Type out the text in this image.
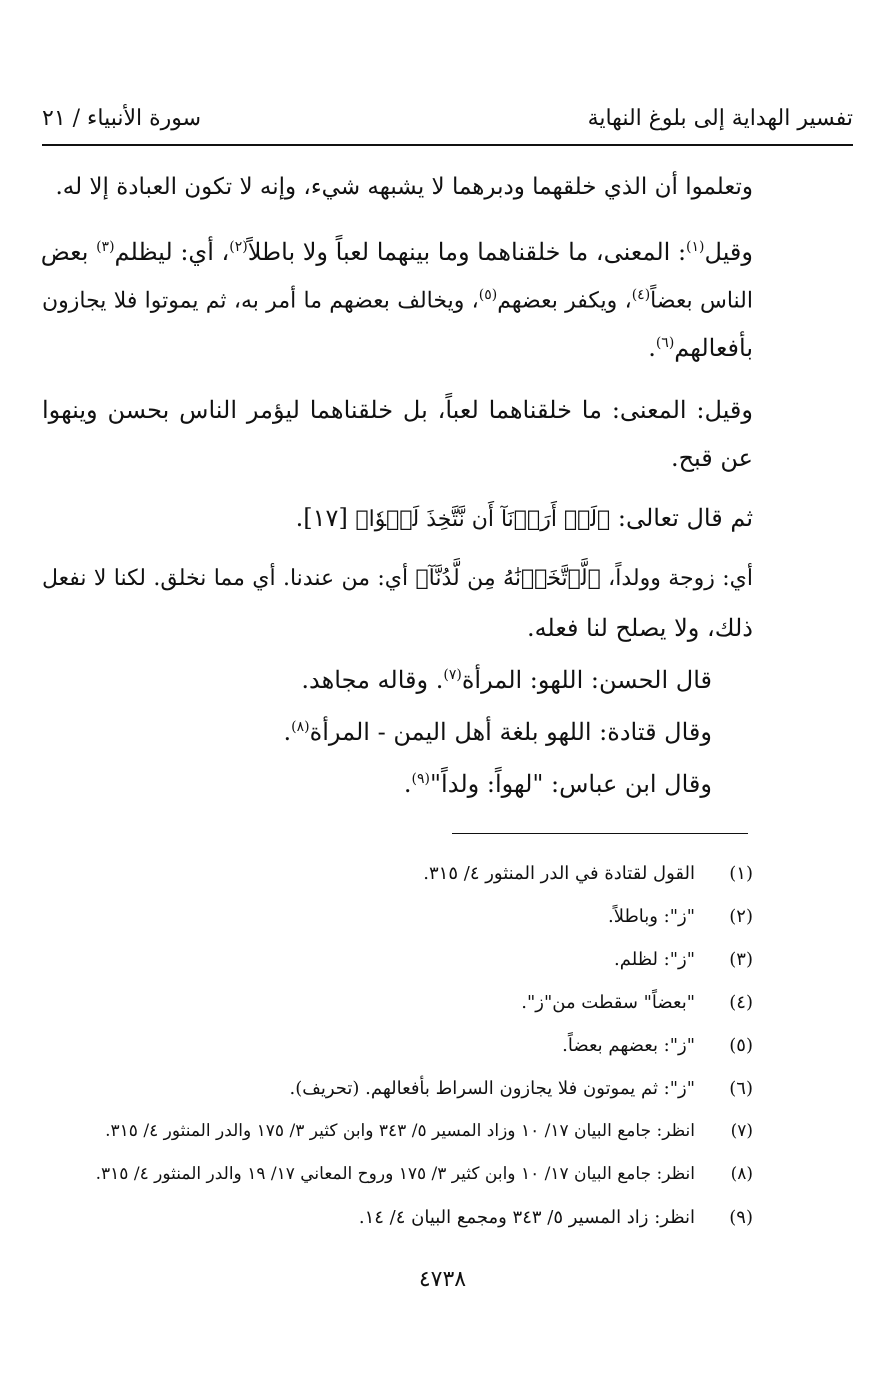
تفسير الهداية إلى بلوغ النهاية
سورة الأنبياء / ٢١
وتعلموا أن الذي خلقهما ودبرهما لا يشبهه شيء، وإنه لا تكون العبادة إلا له.
وقيل$^{(١)}$: المعنى، ما خلقناهما وما بينهما لعباً ولا باطلاً$^{(٢)}$، أي: ليظلم$^{(٣)}$ بعض
الناس بعضاً$^{(٤)}$، ويكفر بعضهم$^{(٥)}$، ويخالف بعضهم ما أمر به، ثم يموتوا فلا يجازون
بأفعالهم$^{(٦)}$.
وقيل: المعنى: ما خلقناهما لعباً، بل خلقناهما ليؤمر الناس بحسن وينهوا
عن قبح.
ثم قال تعالى: ﴿لَوۡ أَرَدۡنَآ أَن نَّتَّخِذَ لَهۡوٗا﴾ [١٧].
أي: زوجة وولداً، ﴿لَّٱتَّخَذۡنَٰهُ مِن لَّدُنَّآ﴾ أي: من عندنا. أي مما نخلق. لكنا لا نفعل
ذلك، ولا يصلح لنا فعله.
قال الحسن: اللهو: المرأة$^{(٧)}$. وقاله مجاهد.
وقال قتادة: اللهو بلغة أهل اليمن - المرأة$^{(٨)}$.
وقال ابن عباس: "لهواً: ولداً"$^{(٩)}$.
(١)القول لقتادة في الدر المنثور ٤/ ٣١٥.
(٢)"ز": وباطلاً.
(٣)"ز": لظلم.
(٤)"بعضاً" سقطت من"ز".
(٥)"ز": بعضهم بعضاً.
(٦)"ز": ثم يموتون فلا يجازون السراط بأفعالهم. (تحريف).
(٧)انظر: جامع البيان ١٧/ ١٠ وزاد المسير ٥/ ٣٤٣ وابن كثير ٣/ ١٧٥ والدر المنثور ٤/ ٣١٥.
(٨)انظر: جامع البيان ١٧/ ١٠ وابن كثير ٣/ ١٧٥ وروح المعاني ١٧/ ١٩ والدر المنثور ٤/ ٣١٥.
(٩)انظر: زاد المسير ٥/ ٣٤٣ ومجمع البيان ٤/ ١٤.
٤٧٣٨
